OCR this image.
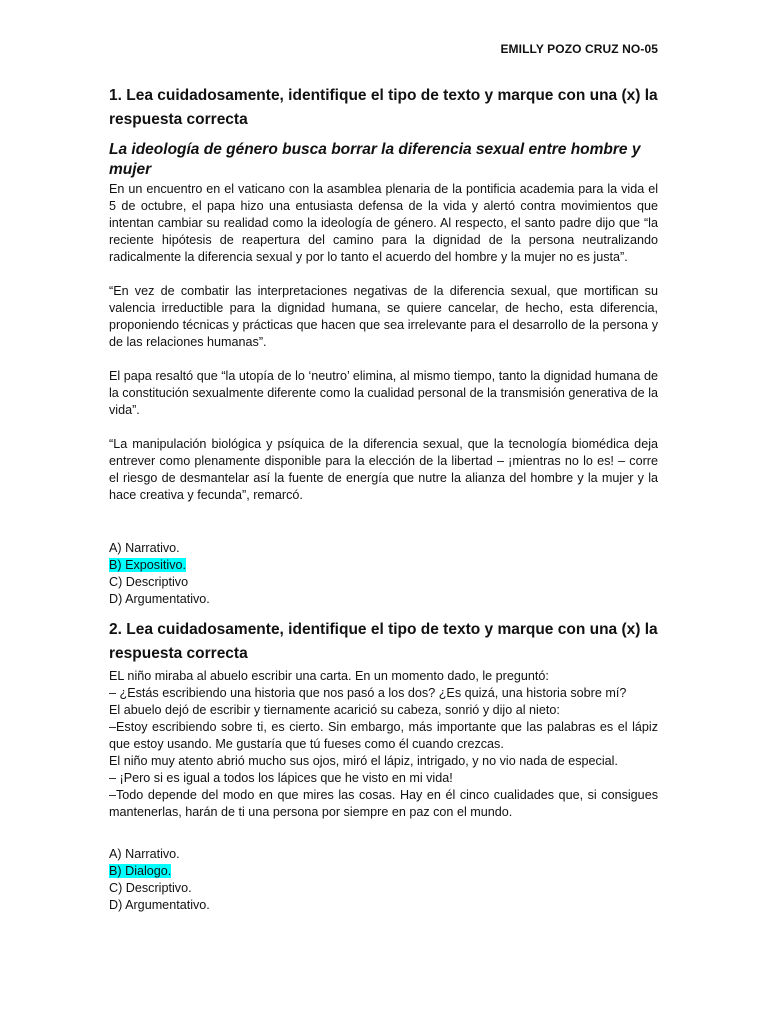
EMILLY POZO CRUZ NO-05

1. Lea cuidadosamente, identifique el tipo de texto y marque con una (x) la respuesta correcta

La ideología de género busca borrar la diferencia sexual entre hombre y mujer

En un encuentro en el vaticano con la asamblea plenaria de la pontificia academia para la vida el 5 de octubre, el papa hizo una entusiasta defensa de la vida y alertó contra movimientos que intentan cambiar su realidad como la ideología de género. Al respecto, el santo padre dijo que “la reciente hipótesis de reapertura del camino para la dignidad de la persona neutralizando radicalmente la diferencia sexual y por lo tanto el acuerdo del hombre y la mujer no es justa”.

“En vez de combatir las interpretaciones negativas de la diferencia sexual, que mortifican su valencia irreductible para la dignidad humana, se quiere cancelar, de hecho, esta diferencia, proponiendo técnicas y prácticas que hacen que sea irrelevante para el desarrollo de la persona y de las relaciones humanas”.

El papa resaltó que “la utopía de lo ‘neutro’ elimina, al mismo tiempo, tanto la dignidad humana de la constitución sexualmente diferente como la cualidad personal de la transmisión generativa de la vida”.

“La manipulación biológica y psíquica de la diferencia sexual, que la tecnología biomédica deja entrever como plenamente disponible para la elección de la libertad – ¡mientras no lo es! – corre el riesgo de desmantelar así la fuente de energía que nutre la alianza del hombre y la mujer y la hace creativa y fecunda”, remarcó.

A) Narrativo.
B) Expositivo.
C) Descriptivo
D) Argumentativo.

2. Lea cuidadosamente, identifique el tipo de texto y marque con una (x) la respuesta correcta

EL niño miraba al abuelo escribir una carta. En un momento dado, le preguntó:
– ¿Estás escribiendo una historia que nos pasó a los dos? ¿Es quizá, una historia sobre mí?
El abuelo dejó de escribir y tiernamente acarició su cabeza, sonrió y dijo al nieto:
–Estoy escribiendo sobre ti, es cierto. Sin embargo, más importante que las palabras es el lápiz que estoy usando. Me gustaría que tú fueses como él cuando crezcas.
El niño muy atento abrió mucho sus ojos, miró el lápiz, intrigado, y no vio nada de especial.
– ¡Pero si es igual a todos los lápices que he visto en mi vida!
–Todo depende del modo en que mires las cosas. Hay en él cinco cualidades que, si consigues mantenerlas, harán de ti una persona por siempre en paz con el mundo.
A) Narrativo.
B) Dialogo.
C) Descriptivo.
D) Argumentativo.
